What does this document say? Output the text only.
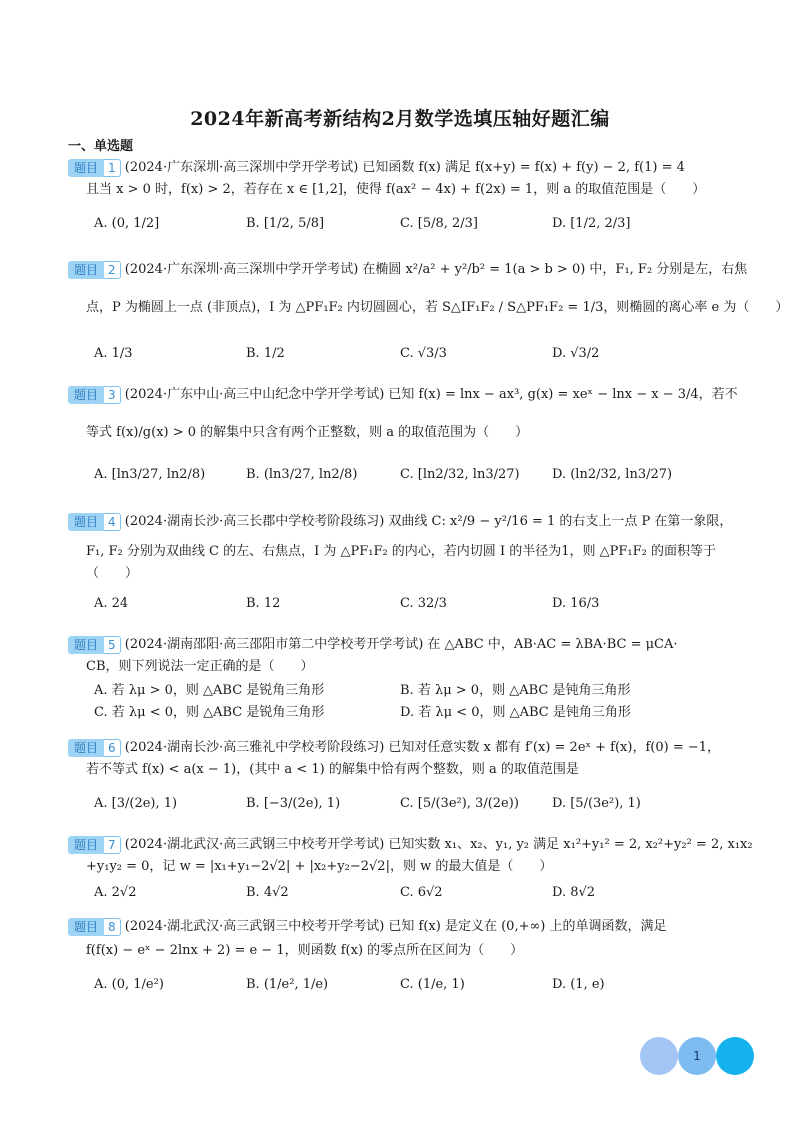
2024年新高考新结构2月数学选填压轴好题汇编
一、单选题
题目 1 (2024·广东深圳·高三深圳中学开学考试) 已知函数 f(x) 满足 f(x+y) = f(x) + f(y) − 2, f(1) = 4
且当 x > 0 时，f(x) > 2，若存在 x ∈ [1,2]，使得 f(ax² − 4x) + f(2x) = 1，则 a 的取值范围是（　　）
A. (0, 1/2]	B. [1/2, 5/8]	C. [5/8, 2/3]	D. [1/2, 2/3]
题目 2 (2024·广东深圳·高三深圳中学开学考试) 在椭圆 x²/a² + y²/b² = 1(a > b > 0) 中，F₁, F₂ 分别是左，右焦
点，P 为椭圆上一点 (非顶点)，I 为 △PF₁F₂ 内切圆圆心，若 S△IF₁F₂ / S△PF₁F₂ = 1/3，则椭圆的离心率 e 为（　　）
A. 1/3	B. 1/2	C. √3/3	D. √3/2
题目 3 (2024·广东中山·高三中山纪念中学开学考试) 已知 f(x) = lnx − ax³, g(x) = xeˣ − lnx − x − 3/4，若不
等式 f(x)/g(x) > 0 的解集中只含有两个正整数，则 a 的取值范围为（　　）
A. [ln3/27, ln2/8)	B. (ln3/27, ln2/8)	C. [ln2/32, ln3/27) D. (ln2/32, ln3/27)
题目 4 (2024·湖南长沙·高三长郡中学校考阶段练习) 双曲线 C: x²/9 − y²/16 = 1 的右支上一点 P 在第一象限，
F₁, F₂ 分别为双曲线 C 的左、右焦点，I 为 △PF₁F₂ 的内心，若内切圆 I 的半径为1，则 △PF₁F₂ 的面积等于
（　　）
A. 24	B. 12	C. 32/3	D. 16/3
题目 5 (2024·湖南邵阳·高三邵阳市第二中学校考开学考试) 在 △ABC 中，AB·AC = λBA·BC = μCA·
CB，则下列说法一定正确的是（　　）
A. 若 λμ > 0，则 △ABC 是锐角三角形	B. 若 λμ > 0，则 △ABC 是钝角三角形
C. 若 λμ < 0，则 △ABC 是锐角三角形	D. 若 λμ < 0，则 △ABC 是钝角三角形
题目 6 (2024·湖南长沙·高三雅礼中学校考阶段练习) 已知对任意实数 x 都有 f′(x) = 2eˣ + f(x)，f(0) = −1，
若不等式 f(x) < a(x − 1)，(其中 a < 1) 的解集中恰有两个整数，则 a 的取值范围是
A. [3/(2e), 1)	B. [−3/(2e), 1)	C. [5/(3e²), 3/(2e))	D. [5/(3e²), 1)
题目 7 (2024·湖北武汉·高三武钢三中校考开学考试) 已知实数 x₁、x₂、y₁, y₂ 满足 x₁²+y₁² = 2, x₂²+y₂² = 2, x₁x₂
+y₁y₂ = 0，记 w = |x₁+y₁−2√2| + |x₂+y₂−2√2|，则 w 的最大值是（　　）
A. 2√2	B. 4√2	C. 6√2	D. 8√2
题目 8 (2024·湖北武汉·高三武钢三中校考开学考试) 已知 f(x) 是定义在 (0,+∞) 上的单调函数，满足
f(f(x) − eˣ − 2lnx + 2) = e − 1，则函数 f(x) 的零点所在区间为（　　）
A. (0, 1/e²)	B. (1/e², 1/e)	C. (1/e, 1)	D. (1, e)
1
